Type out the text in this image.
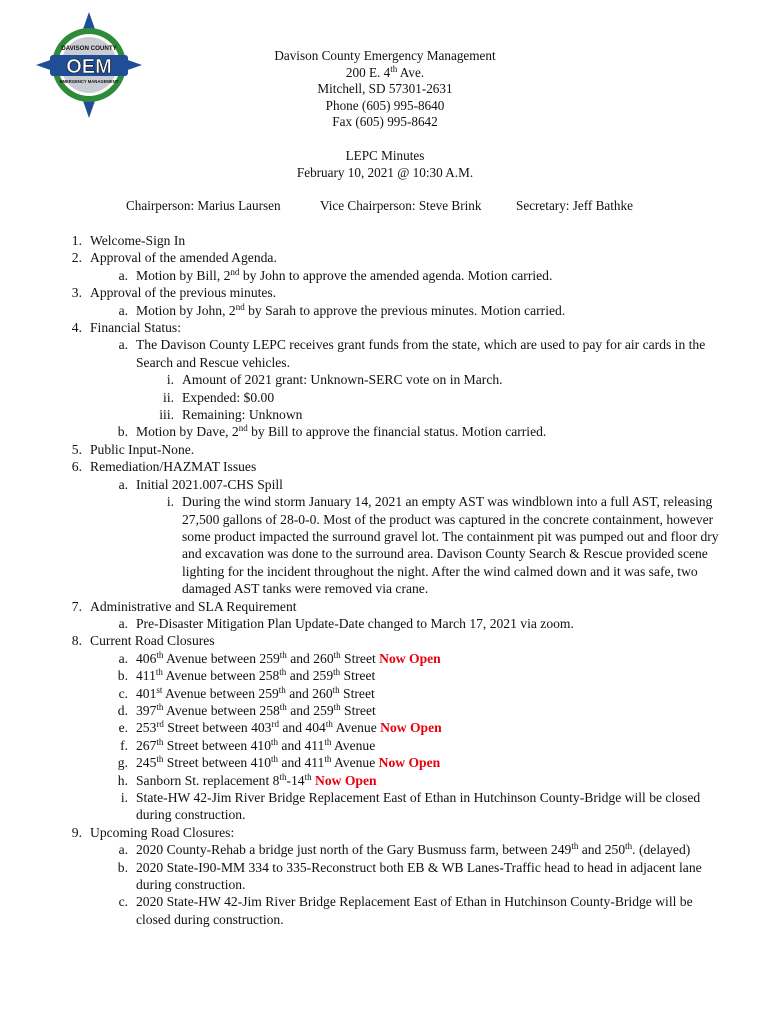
DAVISON COUNTY
OEM
EMERGENCY MANAGEMENT
Davison County Emergency Management
200 E. 4th Ave.
Mitchell, SD 57301-2631
Phone (605) 995-8640
Fax (605) 995-8642
LEPC Minutes
February 10, 2021 @ 10:30 A.M.
Chairperson: Marius Laursen	Vice Chairperson: Steve Brink	Secretary: Jeff Bathke
1. Welcome-Sign In
2. Approval of the amended Agenda.
a. Motion by Bill, 2nd by John to approve the amended agenda. Motion carried.
3. Approval of the previous minutes.
a. Motion by John, 2nd by Sarah to approve the previous minutes. Motion carried.
4. Financial Status:
a. The Davison County LEPC receives grant funds from the state, which are used to pay for air cards in the Search and Rescue vehicles.
i. Amount of 2021 grant: Unknown-SERC vote on in March.
ii. Expended: $0.00
iii. Remaining: Unknown
b. Motion by Dave, 2nd by Bill to approve the financial status. Motion carried.
5. Public Input-None.
6. Remediation/HAZMAT Issues
a. Initial 2021.007-CHS Spill
i. During the wind storm January 14, 2021 an empty AST was windblown into a full AST, releasing 27,500 gallons of 28-0-0. Most of the product was captured in the concrete containment, however some product impacted the surround gravel lot. The containment pit was pumped out and floor dry and excavation was done to the surround area. Davison County Search & Rescue provided scene lighting for the incident throughout the night. After the wind calmed down and it was safe, two damaged AST tanks were removed via crane.
7. Administrative and SLA Requirement
a. Pre-Disaster Mitigation Plan Update-Date changed to March 17, 2021 via zoom.
8. Current Road Closures
a. 406th Avenue between 259th and 260th Street Now Open
b. 411th Avenue between 258th and 259th Street
c. 401st Avenue between 259th and 260th Street
d. 397th Avenue between 258th and 259th Street
e. 253rd Street between 403rd and 404th Avenue Now Open
f. 267th Street between 410th and 411th Avenue
g. 245th Street between 410th and 411th Avenue Now Open
h. Sanborn St. replacement 8th-14th Now Open
i. State-HW 42-Jim River Bridge Replacement East of Ethan in Hutchinson County-Bridge will be closed during construction.
9. Upcoming Road Closures:
a. 2020 County-Rehab a bridge just north of the Gary Busmuss farm, between 249th and 250th. (delayed)
b. 2020 State-I90-MM 334 to 335-Reconstruct both EB & WB Lanes-Traffic head to head in adjacent lane during construction.
c. 2020 State-HW 42-Jim River Bridge Replacement East of Ethan in Hutchinson County-Bridge will be closed during construction.
